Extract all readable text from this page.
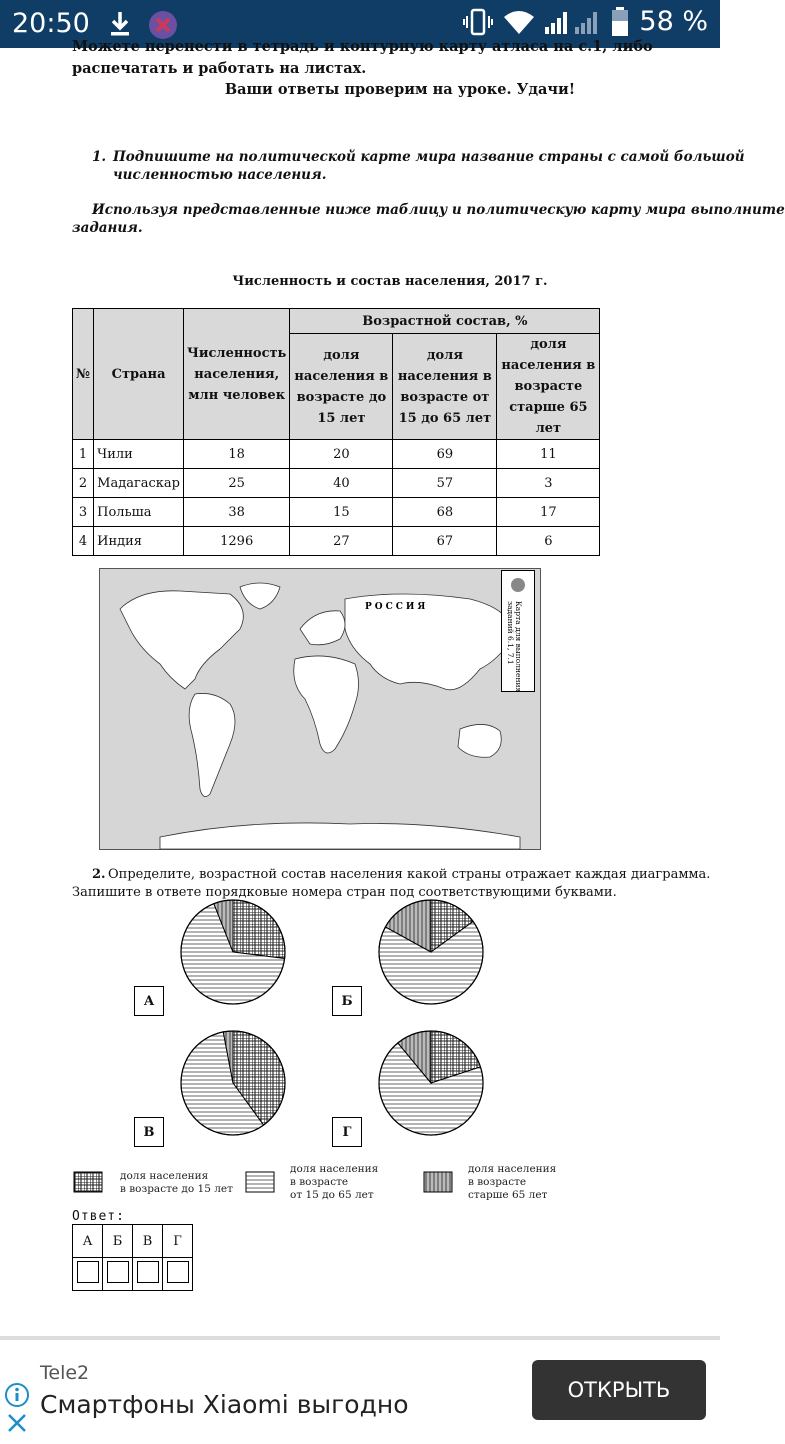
20:50	58 %
Можете перенести в тетрадь и контурную карту атласа на с.1, либо
распечатать и работать на листах.
Ваши ответы проверим на уроке. Удачи!
1. Подпишите на политической карте мира название страны с самой большой
численностью населения.
Используя представленные ниже таблицу и политическую карту мира выполните
задания.
Численность и состав населения, 2017 г.
№	Страна	Численность населения, млн человек	Возрастной состав, %		
			доля населения в возрасте до 15 лет	доля населения в возрасте от 15 до 65 лет	доля населения в возрасте старше 65 лет
1	Чили	18	20	69	11
2	Мадагаскар	25	40	57	3
3	Польша	38	15	68	17
4	Индия	1296	27	67	6
РОССИЯ	Карта для выполнения
заданий 6.1, 7.1
2. Определите, возрастной состав населения какой страны отражает каждая диаграмма.
Запишите в ответе порядковые номера стран под соответствующими буквами.
А	Б
В	Г
доля населения
в возрасте до 15 лет
доля населения
в возрасте
от 15 до 65 лет
доля населения
в возрасте
старше 65 лет
Ответ:
А	Б	В	Г

Tele2
Смартфоны Xiaomi выгодно	ОТКРЫТЬ
